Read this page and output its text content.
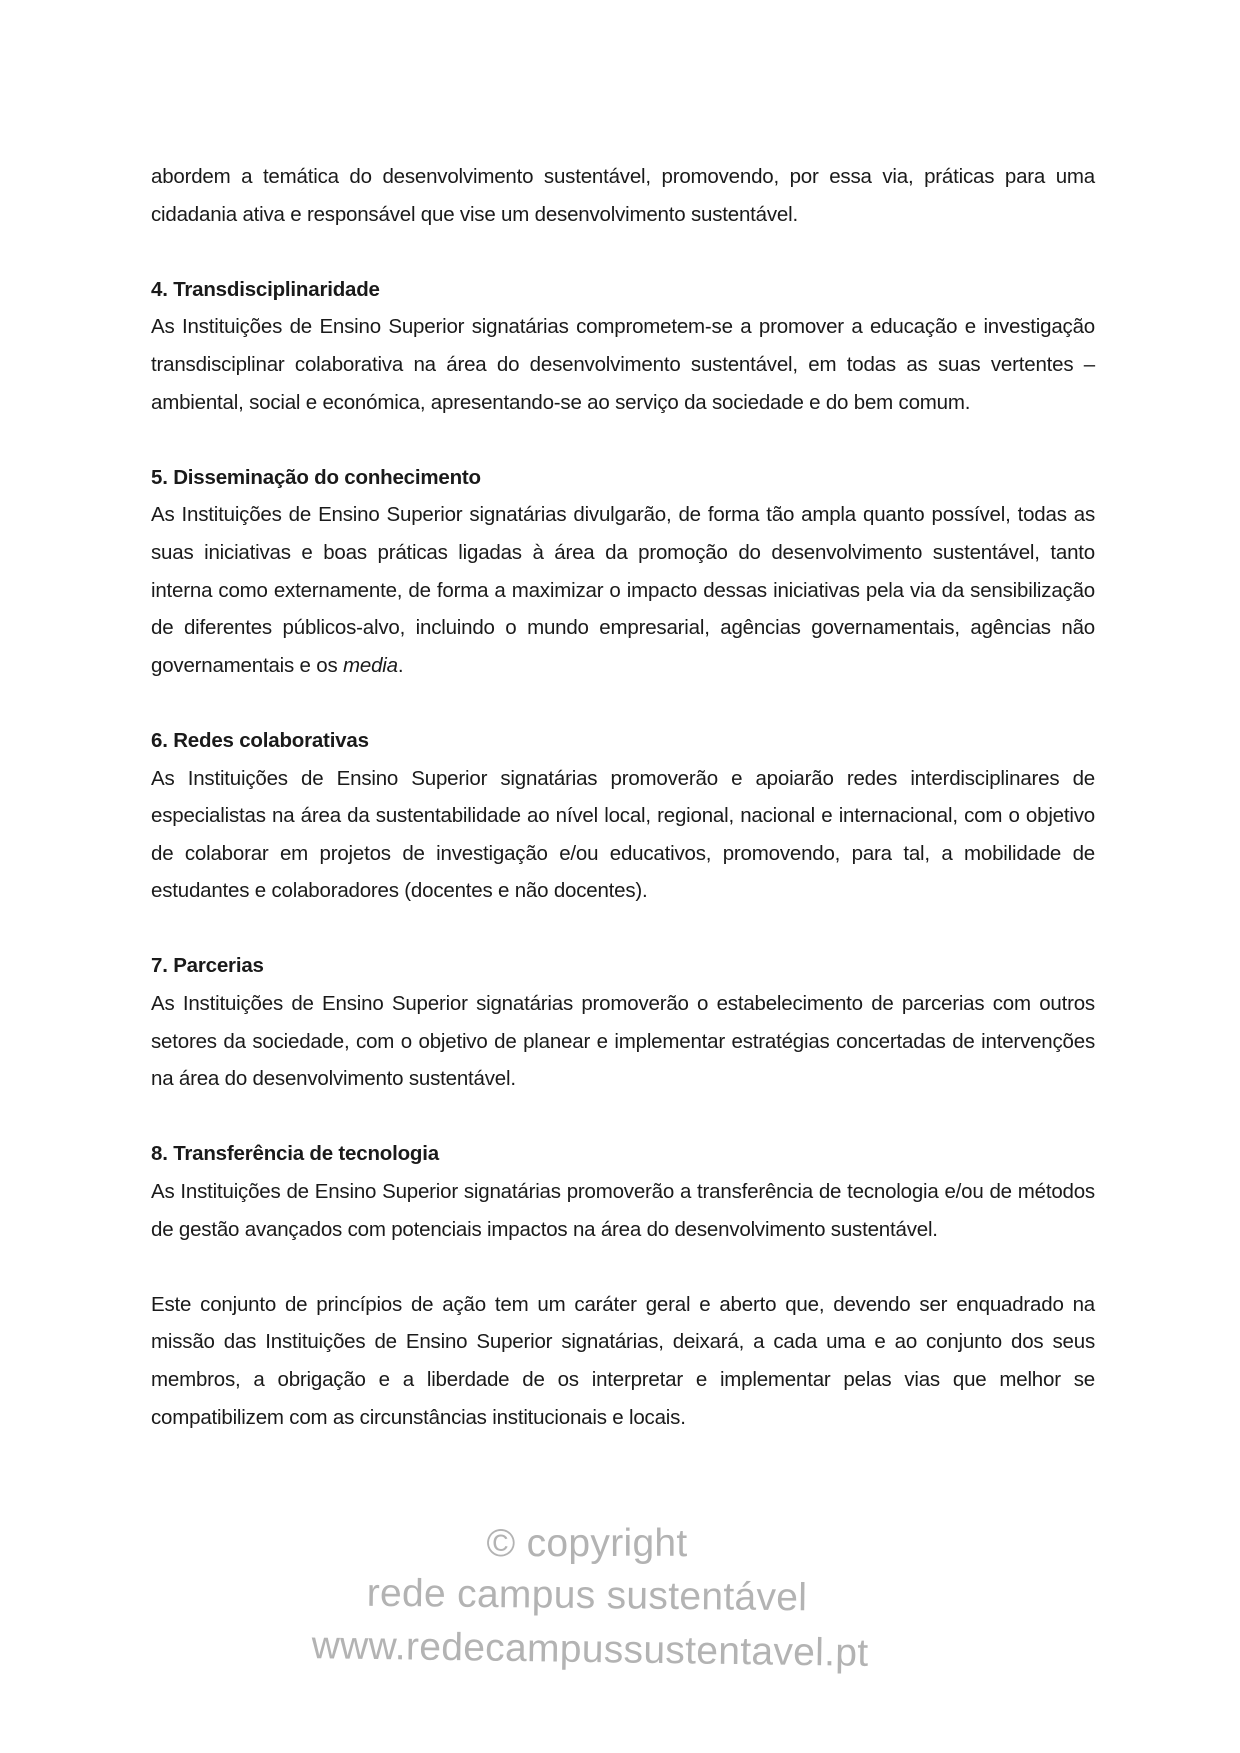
abordem a temática do desenvolvimento sustentável, promovendo, por essa via, práticas para uma cidadania ativa e responsável que vise um desenvolvimento sustentável.

4. Transdisciplinaridade

As Instituições de Ensino Superior signatárias comprometem-se a promover a educação e investigação transdisciplinar colaborativa na área do desenvolvimento sustentável, em todas as suas vertentes – ambiental, social e económica, apresentando-se ao serviço da sociedade e do bem comum.

5. Disseminação do conhecimento

As Instituições de Ensino Superior signatárias divulgarão, de forma tão ampla quanto possível, todas as suas iniciativas e boas práticas ligadas à área da promoção do desenvolvimento sustentável, tanto interna como externamente, de forma a maximizar o impacto dessas iniciativas pela via da sensibilização de diferentes públicos-alvo, incluindo o mundo empresarial, agências governamentais, agências não governamentais e os media.

6. Redes colaborativas

As Instituições de Ensino Superior signatárias promoverão e apoiarão redes interdisciplinares de especialistas na área da sustentabilidade ao nível local, regional, nacional e internacional, com o objetivo de colaborar em projetos de investigação e/ou educativos, promovendo, para tal, a mobilidade de estudantes e colaboradores (docentes e não docentes).

7. Parcerias

As Instituições de Ensino Superior signatárias promoverão o estabelecimento de parcerias com outros setores da sociedade, com o objetivo de planear e implementar estratégias concertadas de intervenções na área do desenvolvimento sustentável.

8. Transferência de tecnologia

As Instituições de Ensino Superior signatárias promoverão a transferência de tecnologia e/ou de métodos de gestão avançados com potenciais impactos na área do desenvolvimento sustentável.

Este conjunto de princípios de ação tem um caráter geral e aberto que, devendo ser enquadrado na missão das Instituições de Ensino Superior signatárias, deixará, a cada uma e ao conjunto dos seus membros, a obrigação e a liberdade de os interpretar e implementar pelas vias que melhor se compatibilizem com as circunstâncias institucionais e locais.

© copyright
rede campus sustentável
www.redecampussustentavel.pt
